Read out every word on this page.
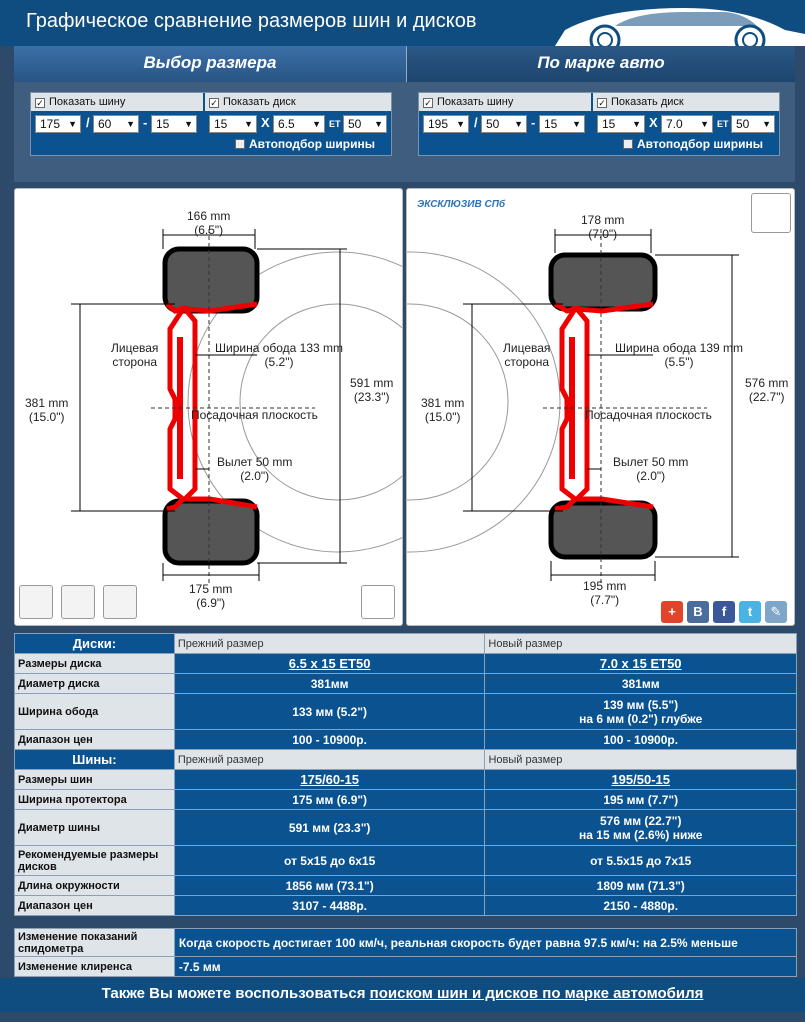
Графическое сравнение размеров шин и дисков
Выбор размера	По марке авто
✓ Показать шину	✓ Показать диск
175 ▼	/ 60 ▼	- 15 ▼	15 ▼	X 6.5 ▼	ET 50 ▼
Автоподбор ширины
✓ Показать шину	✓ Показать диск
195 ▼	/ 50 ▼	- 15 ▼	15 ▼	X 7.0 ▼	ET 50 ▼
Автоподбор ширины
166 mm
(6.5")
Лицевая
сторона
Ширина обода 133 mm
(5.2")
381 mm
(15.0")
591 mm
(23.3")
Посадочная плоскость
Вылет 50 mm
(2.0")
175 mm
(6.9")
ЭКСКЛЮЗИВ СПб
178 mm
(7.0")
Лицевая
сторона
Ширина обода 139 mm
(5.5")
381 mm
(15.0")
576 mm
(22.7")
Посадочная плоскость
Вылет 50 mm
(2.0")
195 mm
(7.7")
+	B	f	t	✎
Диски:	Прежний размер	Новый размер
Размеры диска	6.5 x 15 ET50	7.0 x 15 ET50
Диаметр диска	381мм	381мм
Ширина обода	133 мм (5.2")	139 мм (5.5")
на 6 мм (0.2") глубже
Диапазон цен	100 - 10900р.	100 - 10900р.
Шины:	Прежний размер	Новый размер
Размеры шин	175/60-15	195/50-15
Ширина протектора	175 мм (6.9")	195 мм (7.7")
Диаметр шины	591 мм (23.3")	576 мм (22.7")
на 15 мм (2.6%) ниже
Рекомендуемые размеры дисков	от 5x15 до 6x15	от 5.5x15 до 7x15
Длина окружности	1856 мм (73.1")	1809 мм (71.3")
Диапазон цен	3107 - 4488р.	2150 - 4880р.
Изменение показаний спидометра	Когда скорость достигает 100 км/ч, реальная скорость будет равна 97.5 км/ч: на 2.5% меньше
Изменение клиренса	-7.5 мм
Также Вы можете воспользоваться поиском шин и дисков по марке автомобиля
